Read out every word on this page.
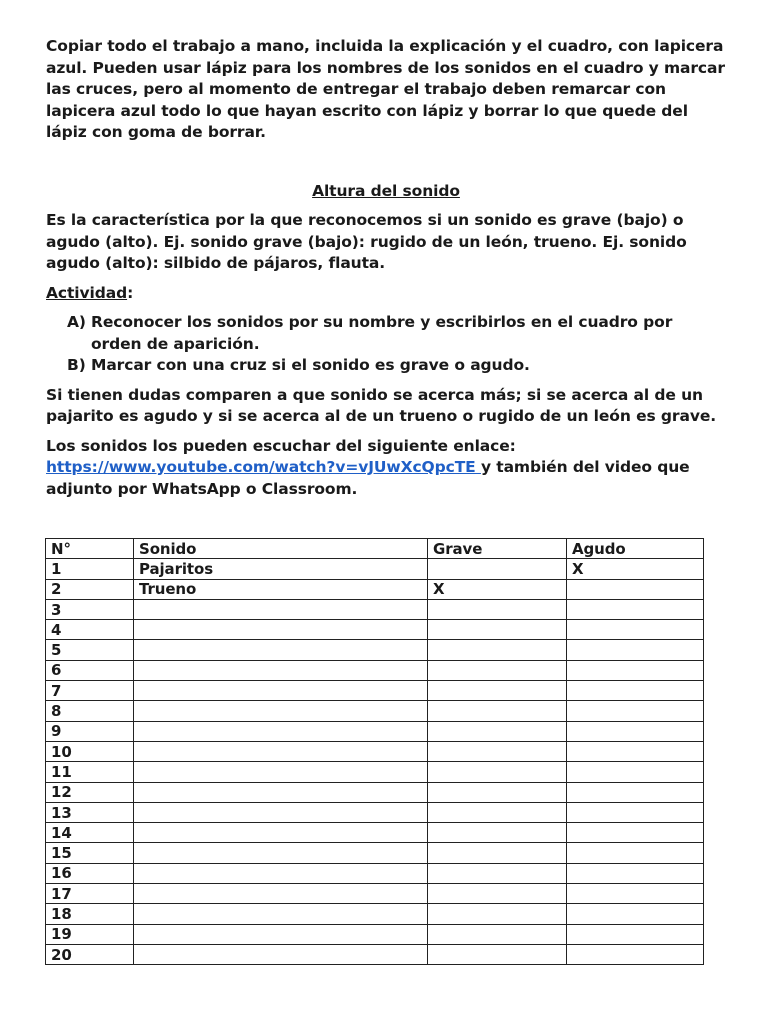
Copiar todo el trabajo a mano, incluida la explicación y el cuadro, con lapicera azul. Pueden usar lápiz para los nombres de los sonidos en el cuadro y marcar las cruces, pero al momento de entregar el trabajo deben remarcar con lapicera azul todo lo que hayan escrito con lápiz y borrar lo que quede del lápiz con goma de borrar.

Altura del sonido

Es la característica por la que reconocemos si un sonido es grave (bajo) o agudo (alto). Ej. sonido grave (bajo): rugido de un león, trueno. Ej. sonido agudo (alto): silbido de pájaros, flauta.

Actividad:

A) Reconocer los sonidos por su nombre y escribirlos en el cuadro por orden de aparición.
B) Marcar con una cruz si el sonido es grave o agudo.

Si tienen dudas comparen a que sonido se acerca más; si se acerca al de un pajarito es agudo y si se acerca al de un trueno o rugido de un león es grave.

Los sonidos los pueden escuchar del siguiente enlace:
https://www.youtube.com/watch?v=vJUwXcQpcTE y también del video que adjunto por WhatsApp o Classroom.

N°	Sonido	Grave	Agudo
1	Pajaritos		X
2	Trueno	X	
3			
4			
5			
6			
7			
8			
9			
10			
11			
12			
13			
14			
15			
16			
17			
18			
19			
20			
